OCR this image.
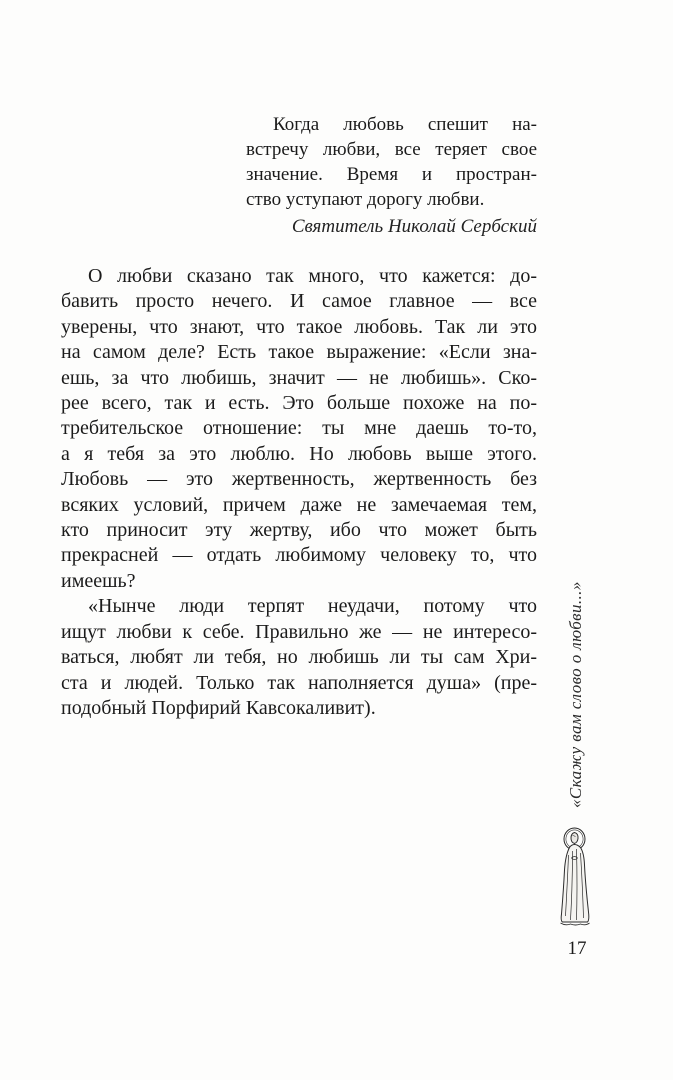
Когда любовь спешит на-
встречу любви, все теряет свое
значение. Время и простран-
ство уступают дорогу любви.
Святитель Николай Сербский
О любви сказано так много, что кажется: до-
бавить просто нечего. И самое главное — все
уверены, что знают, что такое любовь. Так ли это
на самом деле? Есть такое выражение: «Если зна-
ешь, за что любишь, значит — не любишь». Ско-
рее всего, так и есть. Это больше похоже на по-
требительское отношение: ты мне даешь то-то,
а я тебя за это люблю. Но любовь выше этого.
Любовь — это жертвенность, жертвенность без
всяких условий, причем даже не замечаемая тем,
кто приносит эту жертву, ибо что может быть
прекрасней — отдать любимому человеку то, что
имеешь?
«Нынче люди терпят неудачи, потому что
ищут любви к себе. Правильно же — не интересо-
ваться, любят ли тебя, но любишь ли ты сам Хри-
ста и людей. Только так наполняется душа» (пре-
подобный Порфирий Кавсокаливит).	«Скажу вам слово о любви...»
17
